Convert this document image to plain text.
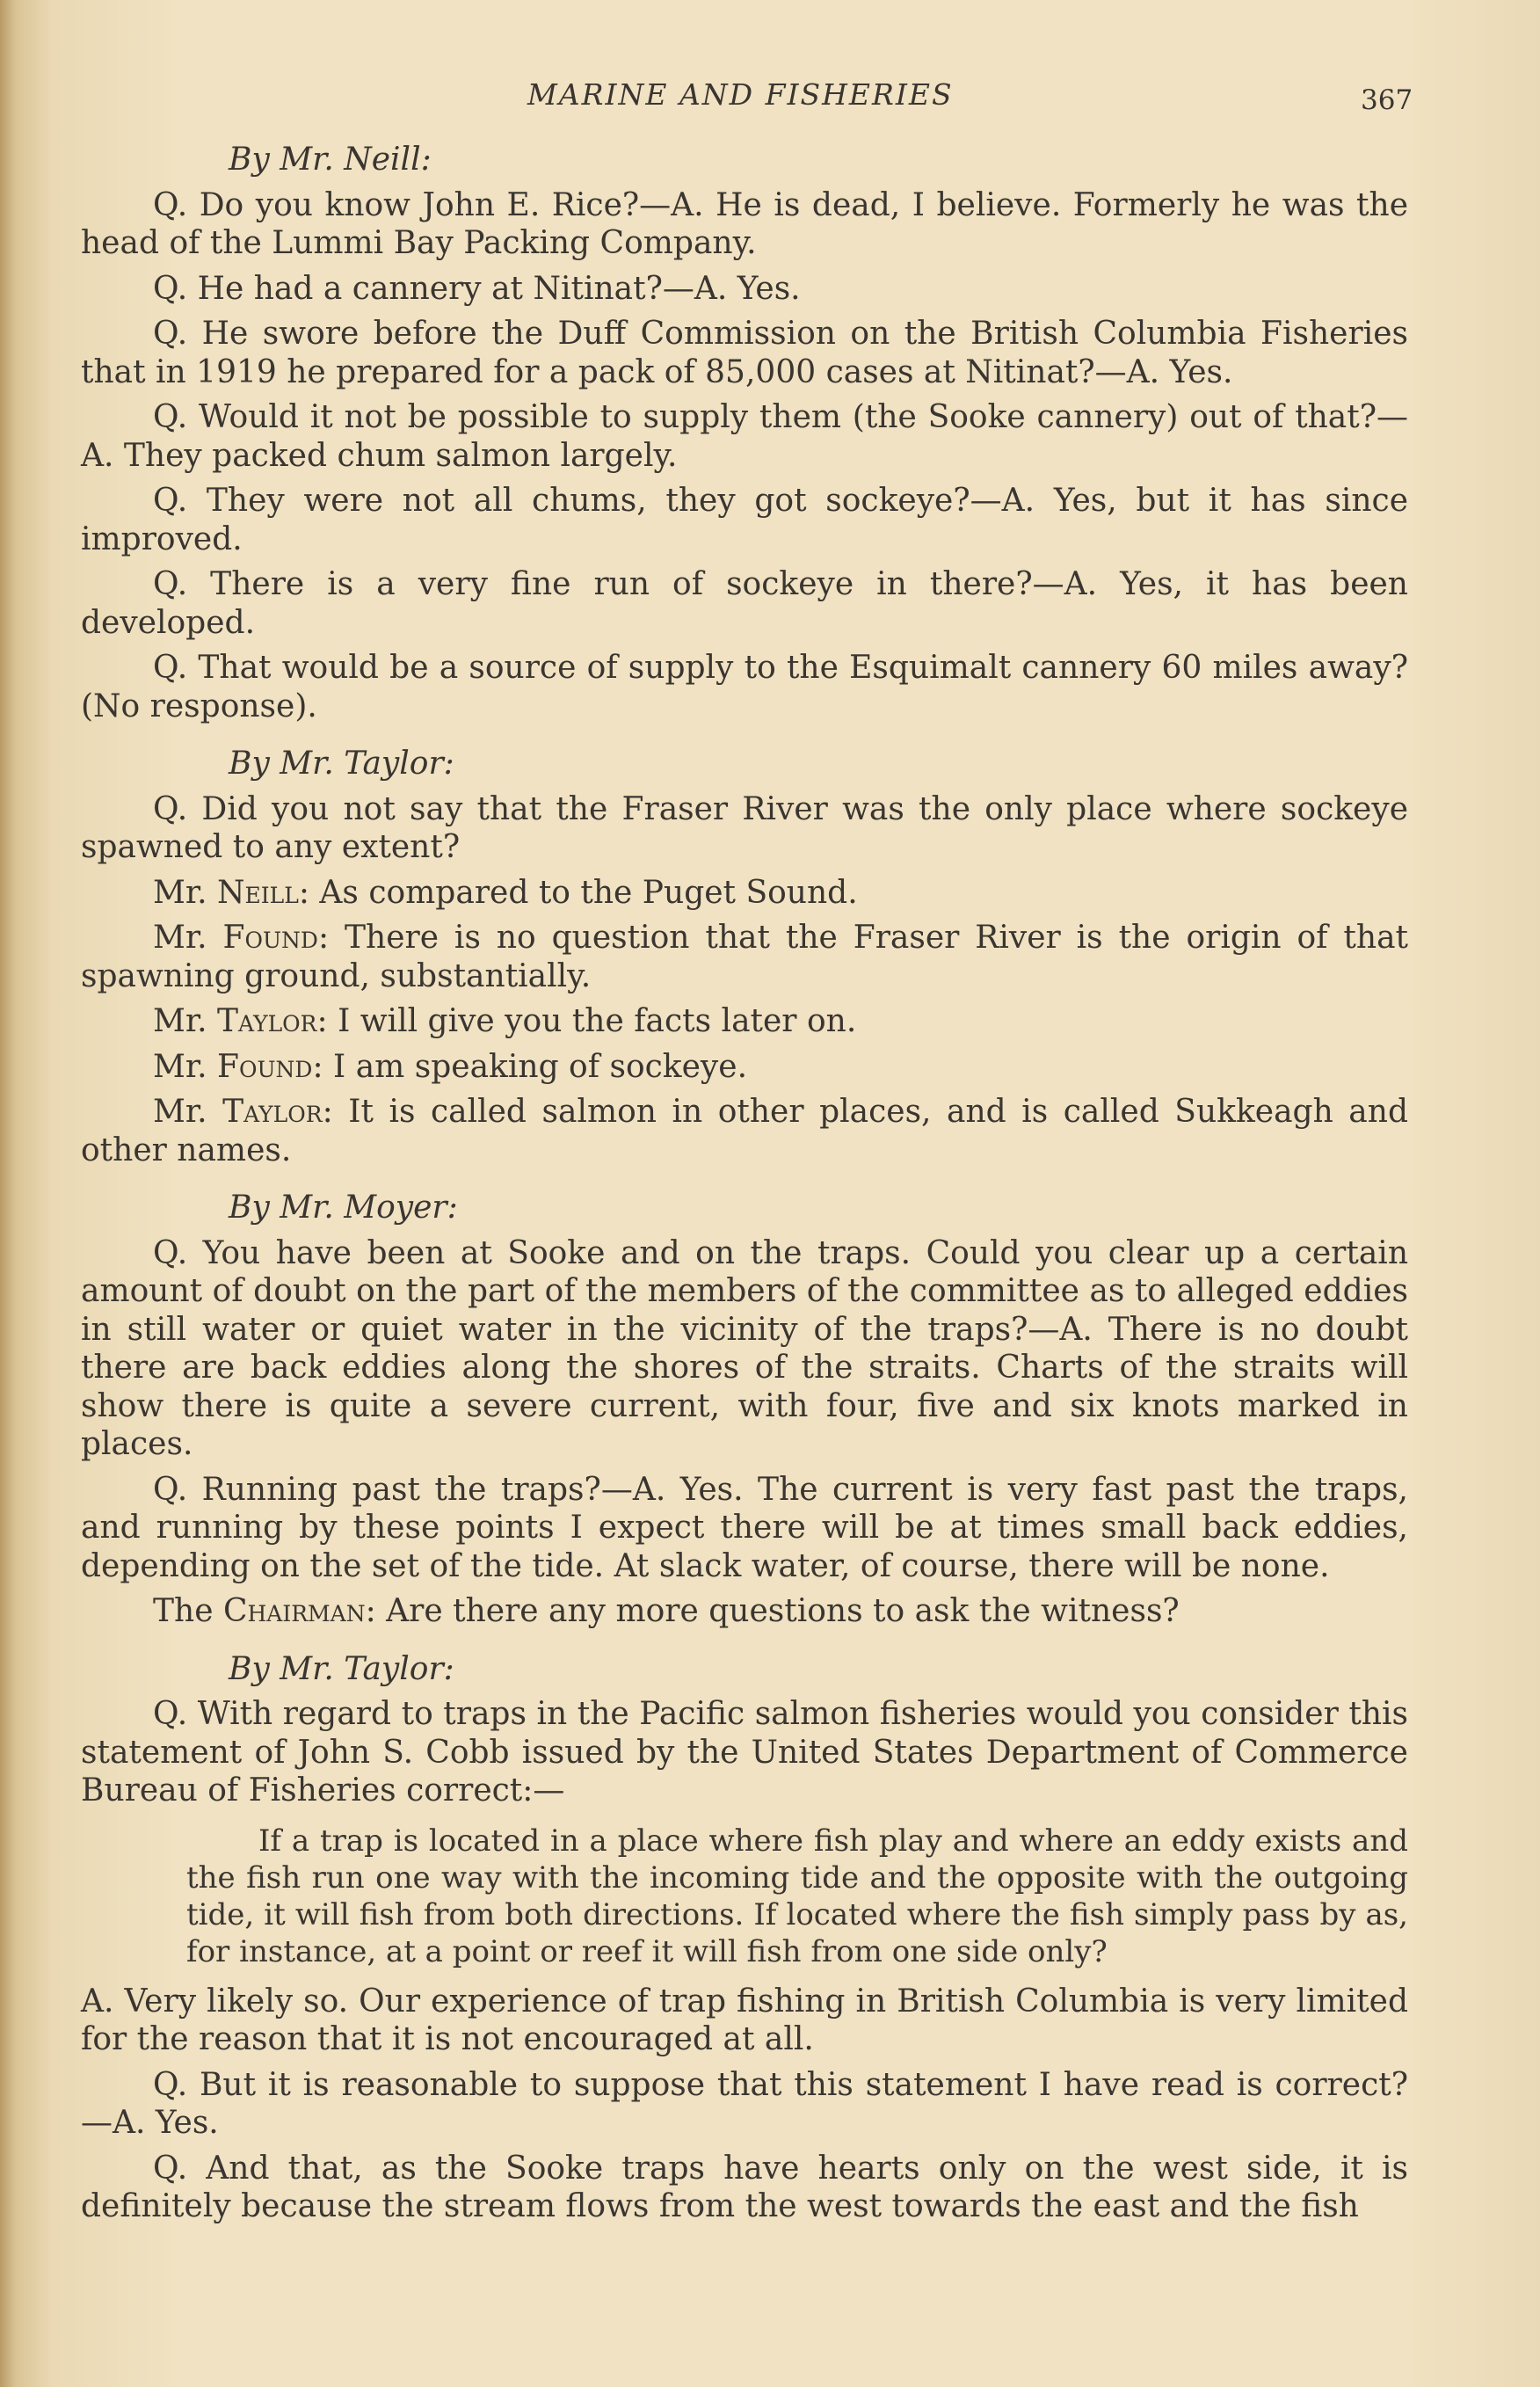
MARINE AND FISHERIES	367

By Mr. Neill:

Q. Do you know John E. Rice?—A. He is dead, I believe. Formerly he was the head of the Lummi Bay Packing Company.

Q. He had a cannery at Nitinat?—A. Yes.

Q. He swore before the Duff Commission on the British Columbia Fisheries that in 1919 he prepared for a pack of 85,000 cases at Nitinat?—A. Yes.

Q. Would it not be possible to supply them (the Sooke cannery) out of that?—A. They packed chum salmon largely.

Q. They were not all chums, they got sockeye?—A. Yes, but it has since improved.

Q. There is a very fine run of sockeye in there?—A. Yes, it has been developed.

Q. That would be a source of supply to the Esquimalt cannery 60 miles away? (No response).

By Mr. Taylor:

Q. Did you not say that the Fraser River was the only place where sockeye spawned to any extent?

Mr. Neill: As compared to the Puget Sound.

Mr. Found: There is no question that the Fraser River is the origin of that spawning ground, substantially.

Mr. Taylor: I will give you the facts later on.

Mr. Found: I am speaking of sockeye.

Mr. Taylor: It is called salmon in other places, and is called Sukkeagh and other names.

By Mr. Moyer:

Q. You have been at Sooke and on the traps. Could you clear up a certain amount of doubt on the part of the members of the committee as to alleged eddies in still water or quiet water in the vicinity of the traps?—A. There is no doubt there are back eddies along the shores of the straits. Charts of the straits will show there is quite a severe current, with four, five and six knots marked in places.

Q. Running past the traps?—A. Yes. The current is very fast past the traps, and running by these points I expect there will be at times small back eddies, depending on the set of the tide. At slack water, of course, there will be none.

The Chairman: Are there any more questions to ask the witness?

By Mr. Taylor:

Q. With regard to traps in the Pacific salmon fisheries would you consider this statement of John S. Cobb issued by the United States Department of Commerce Bureau of Fisheries correct:—

If a trap is located in a place where fish play and where an eddy exists and the fish run one way with the incoming tide and the opposite with the outgoing tide, it will fish from both directions. If located where the fish simply pass by as, for instance, at a point or reef it will fish from one side only?

A. Very likely so. Our experience of trap fishing in British Columbia is very limited for the reason that it is not encouraged at all.

Q. But it is reasonable to suppose that this statement I have read is correct? —A. Yes.

Q. And that, as the Sooke traps have hearts only on the west side, it is definitely because the stream flows from the west towards the east and the fish
